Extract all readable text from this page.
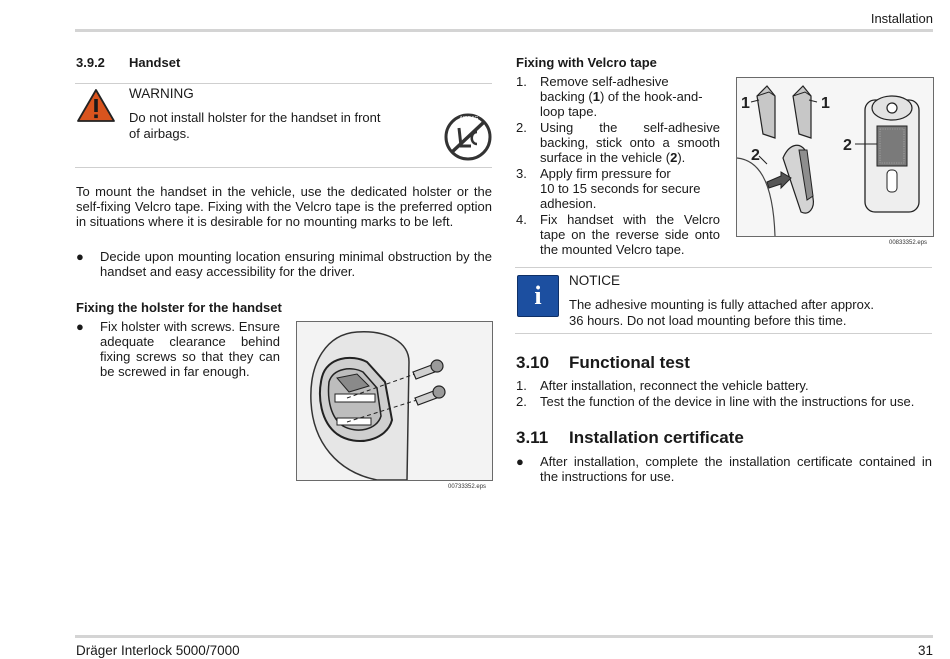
Installation
3.9.2 Handset
WARNING
Do not install holster for the handset in front
of airbags.
AIRBAG
To mount the handset in the vehicle, use the dedicated holster or the self-fixing Velcro tape. Fixing with the Velcro tape is the preferred option in situations where it is desirable for no mounting marks to be left.
● Decide upon mounting location ensuring minimal obstruction by the handset and easy accessibility for the driver.
Fixing the holster for the handset
● Fix holster with screws. Ensure adequate clearance behind fixing screws so that they can be screwed in far enough.
00733352.eps
Fixing with Velcro tape
1. Remove self-adhesive
backing (1) of the hook-and-
loop tape.
2. Using the self-adhesive
backing, stick onto a smooth
surface in the vehicle (2).
3. Apply firm pressure for
10 to 15 seconds for secure
adhesion.
4. Fix handset with the Velcro
tape on the reverse side onto
the mounted Velcro tape.
1	1
2
2
00833352.eps
i
NOTICE
The adhesive mounting is fully attached after approx.
36 hours. Do not load mounting before this time.
3.10 Functional test
1. After installation, reconnect the vehicle battery.
2. Test the function of the device in line with the instructions for use.
3.11 Installation certificate
● After installation, complete the installation certificate contained in the instructions for use.
Dräger Interlock 5000/7000	31
